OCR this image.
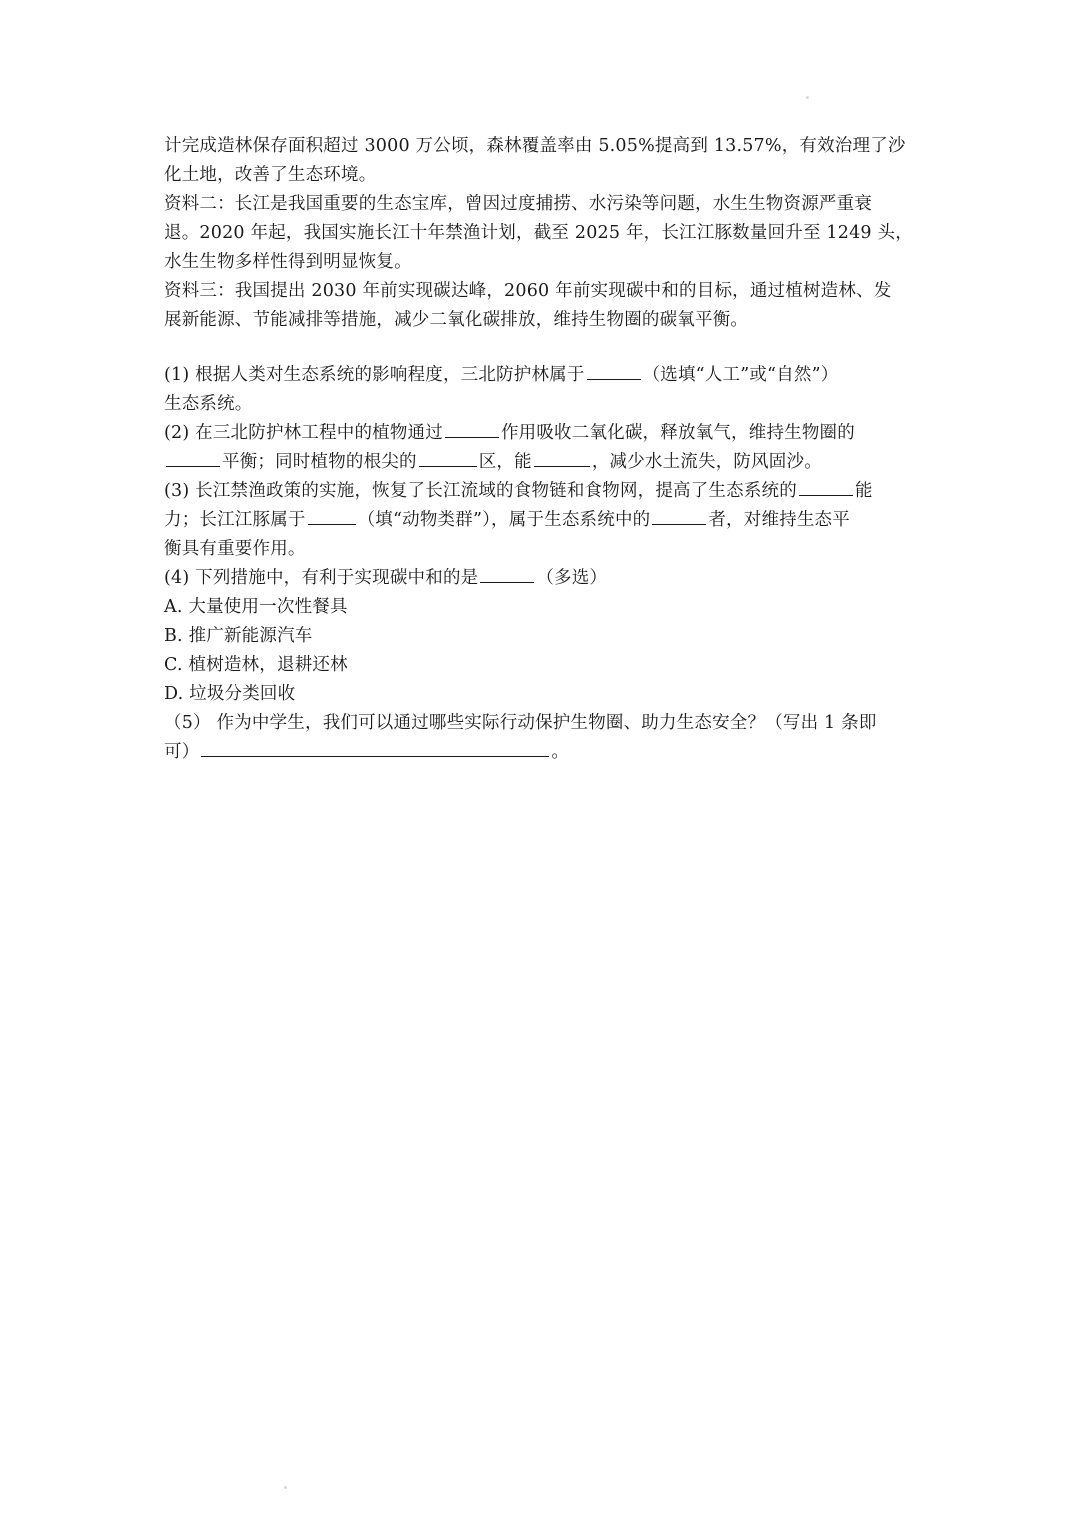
计完成造林保存面积超过 3000 万公顷，森林覆盖率由 5.05%提高到 13.57%，有效治理了沙
化土地，改善了生态环境。

资料二：长江是我国重要的生态宝库，曾因过度捕捞、水污染等问题，水生生物资源严重衰
退。2020 年起，我国实施长江十年禁渔计划，截至 2025 年，长江江豚数量回升至 1249 头，
水生生物多样性得到明显恢复。

资料三：我国提出 2030 年前实现碳达峰，2060 年前实现碳中和的目标，通过植树造林、发
展新能源、节能减排等措施，减少二氧化碳排放，维持生物圈的碳氧平衡。

(1) 根据人类对生态系统的影响程度，三北防护林属于	（选填“人工”或“自然”）
生态系统。

(2) 在三北防护林工程中的植物通过	作用吸收二氧化碳，释放氧气，维持生物圈的
平衡；同时植物的根尖的	区，能	，减少水土流失，防风固沙。

(3) 长江禁渔政策的实施，恢复了长江流域的食物链和食物网，提高了生态系统的	能
力；长江江豚属于	（填“动物类群”），属于生态系统中的	者，对维持生态平
衡具有重要作用。

(4) 下列措施中，有利于实现碳中和的是	（多选）

A. 大量使用一次性餐具

B. 推广新能源汽车

C. 植树造林，退耕还林

D. 垃圾分类回收

（5） 作为中学生，我们可以通过哪些实际行动保护生物圈、助力生态安全？（写出 1 条即
可）	。
